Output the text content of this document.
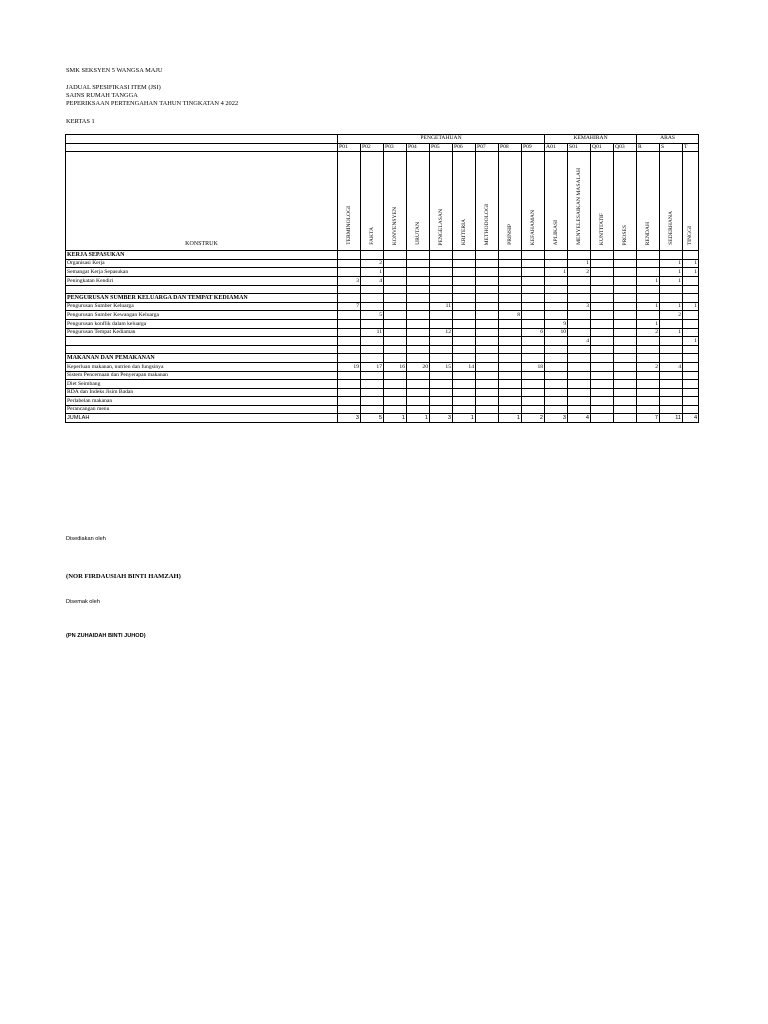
SMK SEKSYEN 5 WANGSA MAJU
JADUAL SPESIFIKASI ITEM (JSI)
SAINS RUMAH TANGGA
PEPERIKSAAN PERTENGAHAN TAHUN TINGKATAN 4 2022
KERTAS 1
	PENGETAHUAN									KEMAHIRAN				ARAS		
	P01	P02	P03	P04	P05	P06	P07	P08	P09	A01	S01	Q01	Q03	R	S	T
KONSTRUK	TERMINOLOGI	FAKTA	KONVENSYEN	URUTAN	PENGELASAN	KRITERIA	METHODOLOGI	PRINSIP	KEFAHAMAN	APLIKASI	MENYELESAIKAN MASALAH	KUNTITATIF	PROSES	RENDAH	SEDERHANA	TINGGI
KERJA SEPASUKAN																
Organisasi Kerja		2									1				1	1
Semangat Kerja Sepasukan		1								1	2				1	1
Peningkatan Kendiri	3	4												1	1	

PENGURUSAN SUMBER KELUARGA DAN TEMPAT KEDIAMAN																
Pengurusan Sumber Keluarga	7				11						3			1	1	1
Pengurusan Sumber Kewangan Keluarga		5						8							2	
Pengurusan konflik dalam keluarga										9				1		
Pengurusan Tempat Kediaman		11			12				6	10				2	1	
											4					1

MAKANAN DAN PEMAKANAN																
Keperluan makanan, nutrien dan fungsinya	19	17	16	20	15	14			18					2	4	
Sistem Pencernaan dan Penyerapan makanan																
Diet Seimbang																
RDA dan Indeks Jisim Badan																
Perlabelan makanan																
Perancangan menu																
JUMLAH	3	5	1	1	3	1		1	2	3	4			7	11	4
Disediakan oleh
(NOR FIRDAUSIAH BINTI HAMZAH)
Disemak oleh
(PN ZUHAIDAH BINTI JUHOD)
